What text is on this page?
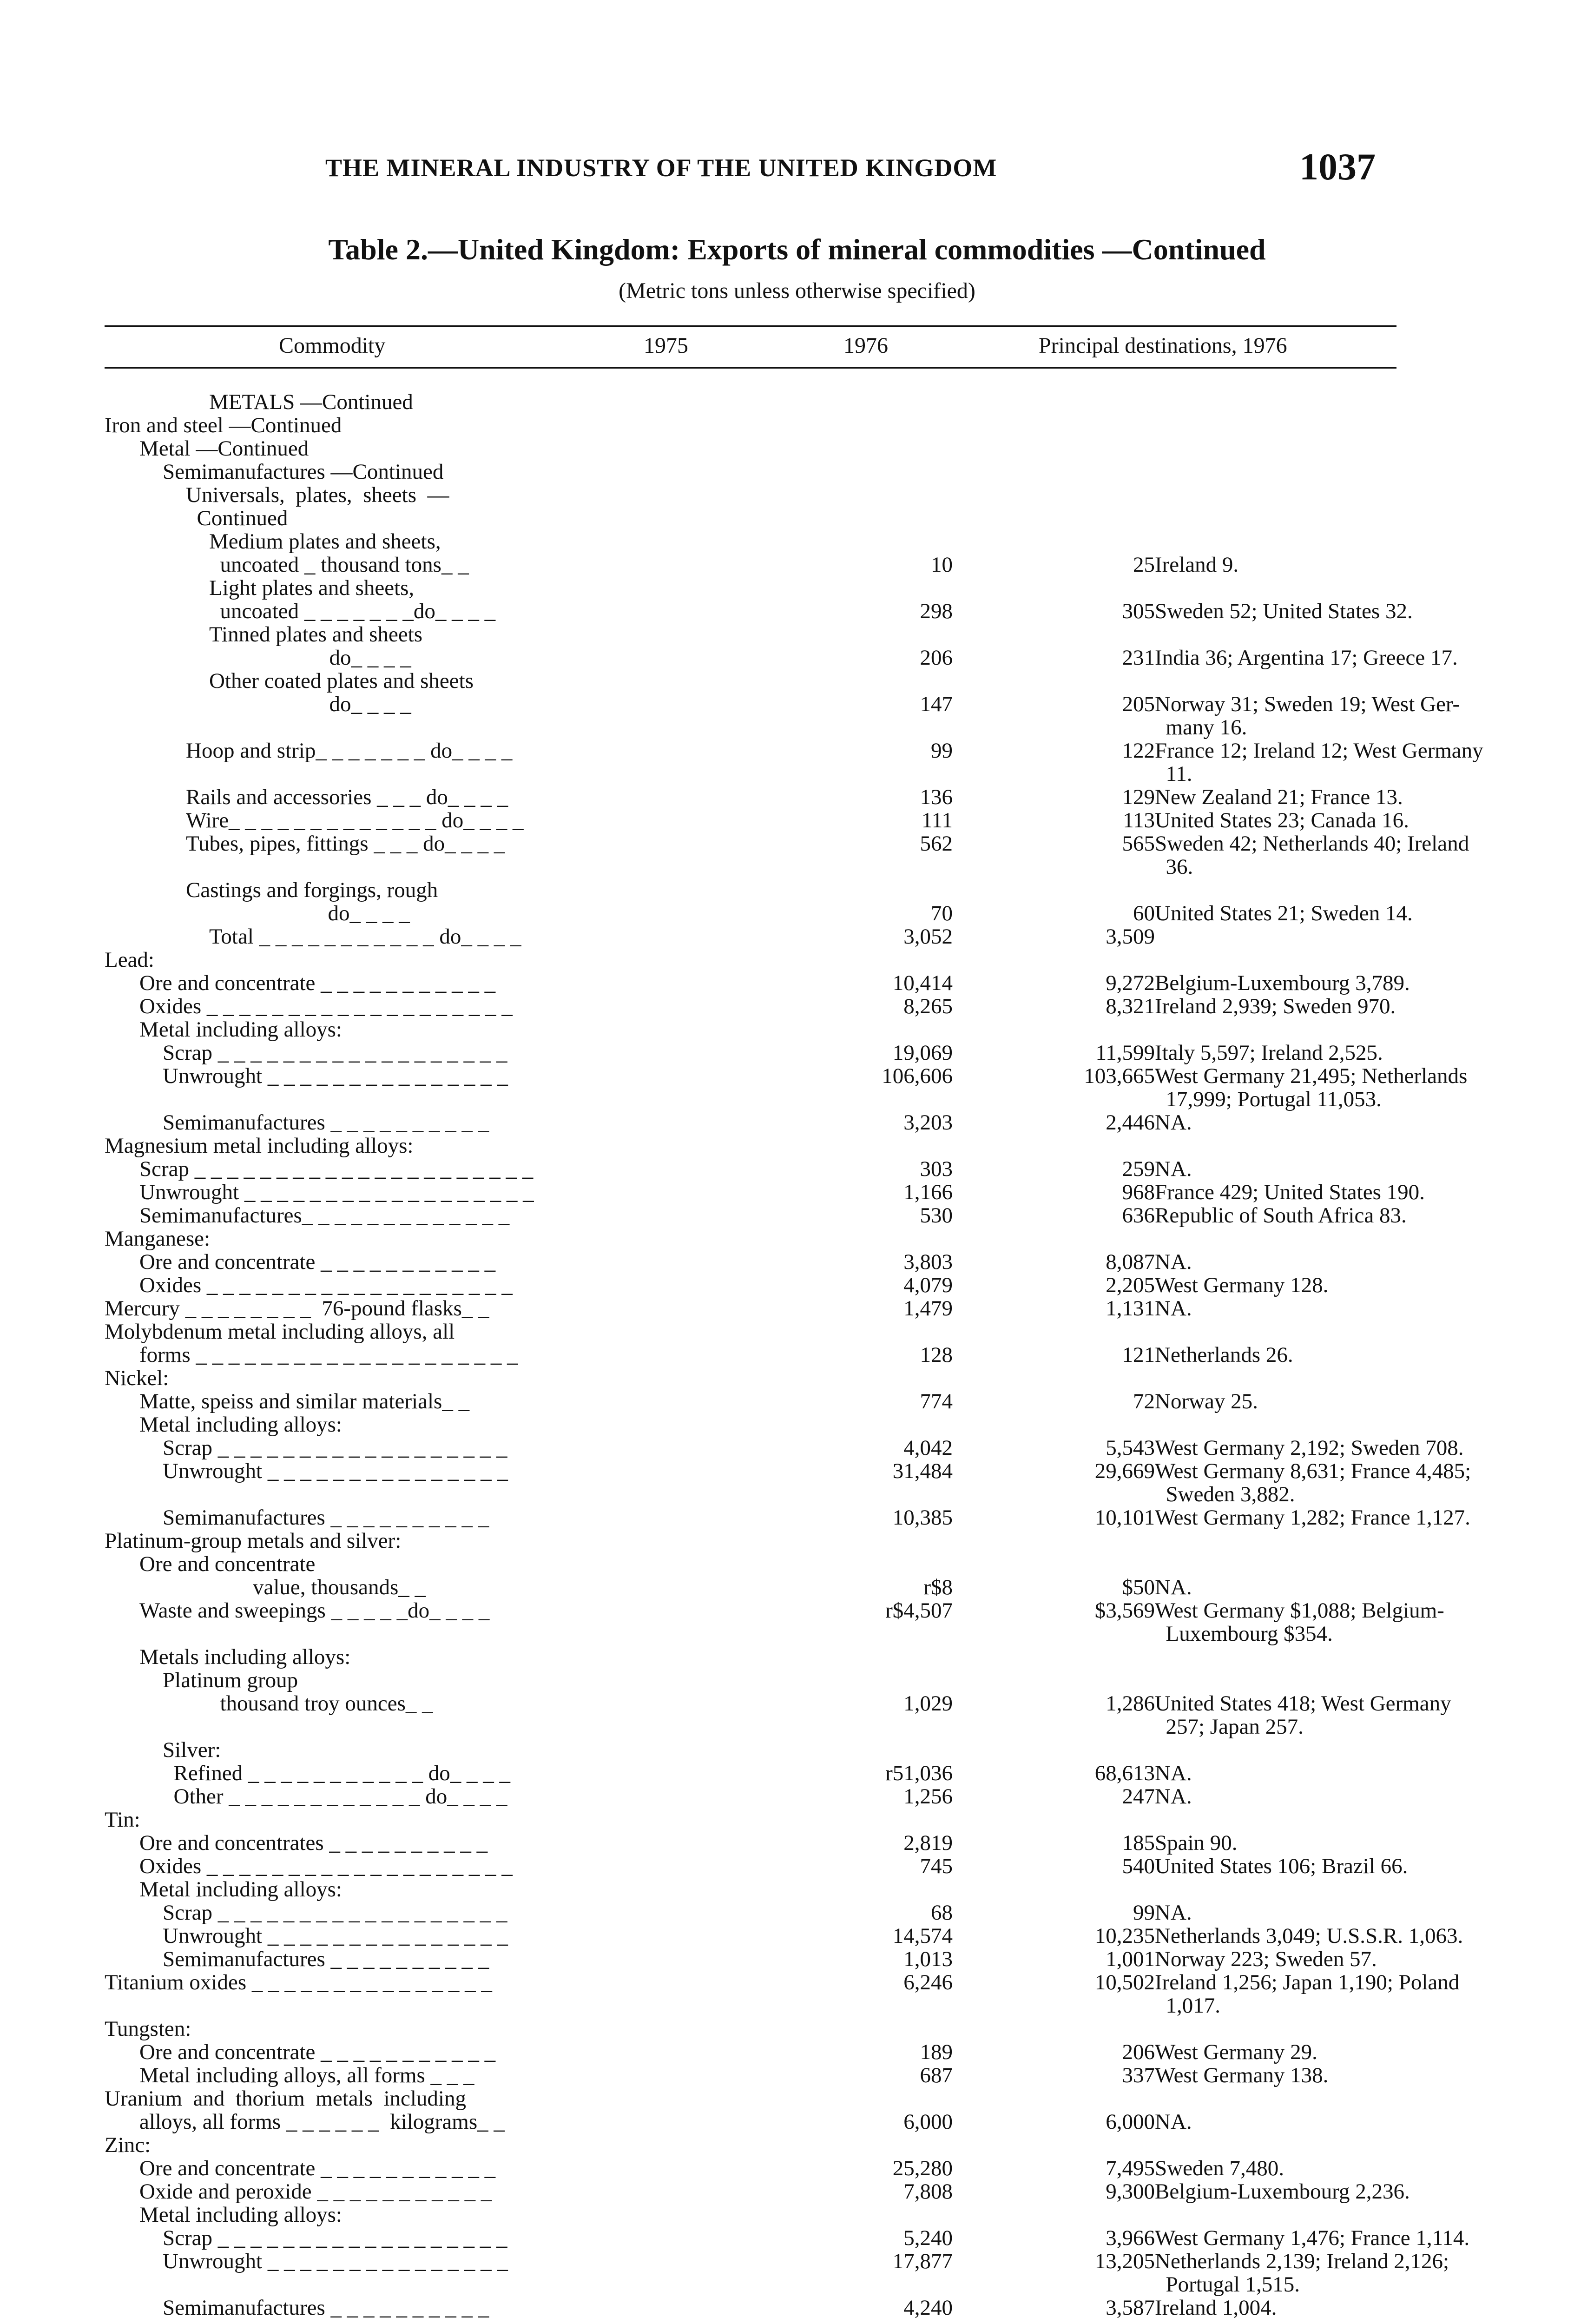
THE MINERAL INDUSTRY OF THE UNITED KINGDOM	1037
Table 2.—United Kingdom: Exports of mineral commodities —Continued
(Metric tons unless otherwise specified)
Commodity	1975	1976	Principal destinations, 1976
METALS —Continued			
Iron and steel —Continued			
Metal —Continued			
Semimanufactures —Continued			
Universals,  plates,  sheets  —			
Continued			

Medium plates and sheets,			
uncoated _ thousand tons_ _	10	25	Ireland 9.
Light plates and sheets,			
uncoated _ _ _ _ _ _ _do_ _ _ _	298	305	Sweden 52; United States 32.
Tinned plates and sheets			
do_ _ _ _	206	231	India 36; Argentina 17; Greece 17.
Other coated plates and sheets			
do_ _ _ _	147	205	Norway 31; Sweden 19; West Ger-
			many 16.
Hoop and strip_ _ _ _ _ _ _ do_ _ _ _	99	122	France 12; Ireland 12; West Germany
			11.
Rails and accessories _ _ _ do_ _ _ _	136	129	New Zealand 21; France 13.
Wire_ _ _ _ _ _ _ _ _ _ _ _ _ do_ _ _ _	111	113	United States 23; Canada 16.
Tubes, pipes, fittings _ _ _ do_ _ _ _	562	565	Sweden 42; Netherlands 40; Ireland
			36.
Castings and forgings, rough			
do_ _ _ _	70	60	United States 21; Sweden 14.

Total _ _ _ _ _ _ _ _ _ _ _ do_ _ _ _	3,052	3,509	
Lead:			
Ore and concentrate _ _ _ _ _ _ _ _ _ _ _	10,414	9,272	Belgium-Luxembourg 3,789.
Oxides _ _ _ _ _ _ _ _ _ _ _ _ _ _ _ _ _ _ _	8,265	8,321	Ireland 2,939; Sweden 970.
Metal including alloys:			
Scrap _ _ _ _ _ _ _ _ _ _ _ _ _ _ _ _ _ _	19,069	11,599	Italy 5,597; Ireland 2,525.
Unwrought _ _ _ _ _ _ _ _ _ _ _ _ _ _ _	106,606	103,665	West Germany 21,495; Netherlands
			17,999; Portugal 11,053.
Semimanufactures _ _ _ _ _ _ _ _ _ _	3,203	2,446	NA.
Magnesium metal including alloys:			
Scrap _ _ _ _ _ _ _ _ _ _ _ _ _ _ _ _ _ _ _ _ _	303	259	NA.
Unwrought _ _ _ _ _ _ _ _ _ _ _ _ _ _ _ _ _ _	1,166	968	France 429; United States 190.
Semimanufactures_ _ _ _ _ _ _ _ _ _ _ _ _	530	636	Republic of South Africa 83.
Manganese:			
Ore and concentrate _ _ _ _ _ _ _ _ _ _ _	3,803	8,087	NA.
Oxides _ _ _ _ _ _ _ _ _ _ _ _ _ _ _ _ _ _ _	4,079	2,205	West Germany 128.
Mercury _ _ _ _ _ _ _ _  76-pound flasks_ _	1,479	1,131	NA.
Molybdenum metal including alloys, all			
forms _ _ _ _ _ _ _ _ _ _ _ _ _ _ _ _ _ _ _ _	128	121	Netherlands 26.
Nickel:			
Matte, speiss and similar materials_ _	774	72	Norway 25.
Metal including alloys:			
Scrap _ _ _ _ _ _ _ _ _ _ _ _ _ _ _ _ _ _	4,042	5,543	West Germany 2,192; Sweden 708.
Unwrought _ _ _ _ _ _ _ _ _ _ _ _ _ _ _	31,484	29,669	West Germany 8,631; France 4,485;
			Sweden 3,882.
Semimanufactures _ _ _ _ _ _ _ _ _ _	10,385	10,101	West Germany 1,282; France 1,127.
Platinum-group metals and silver:			
Ore and concentrate			
value, thousands_ _	r$8	$50	NA.
Waste and sweepings _ _ _ _ _do_ _ _ _	r$4,507	$3,569	West Germany $1,088; Belgium-
			Luxembourg $354.
Metals including alloys:			
Platinum group			
thousand troy ounces_ _	1,029	1,286	United States 418; West Germany
			257; Japan 257.
Silver:			
Refined _ _ _ _ _ _ _ _ _ _ _ do_ _ _ _	r51,036	68,613	NA.
Other _ _ _ _ _ _ _ _ _ _ _ _ do_ _ _ _	1,256	247	NA.
Tin:			
Ore and concentrates _ _ _ _ _ _ _ _ _ _	2,819	185	Spain 90.
Oxides _ _ _ _ _ _ _ _ _ _ _ _ _ _ _ _ _ _ _	745	540	United States 106; Brazil 66.
Metal including alloys:			
Scrap _ _ _ _ _ _ _ _ _ _ _ _ _ _ _ _ _ _	68	99	NA.
Unwrought _ _ _ _ _ _ _ _ _ _ _ _ _ _ _	14,574	10,235	Netherlands 3,049; U.S.S.R. 1,063.
Semimanufactures _ _ _ _ _ _ _ _ _ _	1,013	1,001	Norway 223; Sweden 57.
Titanium oxides _ _ _ _ _ _ _ _ _ _ _ _ _ _ _	6,246	10,502	Ireland 1,256; Japan 1,190; Poland
			1,017.
Tungsten:			
Ore and concentrate _ _ _ _ _ _ _ _ _ _ _	189	206	West Germany 29.
Metal including alloys, all forms _ _ _	687	337	West Germany 138.
Uranium  and  thorium  metals  including			
alloys, all forms _ _ _ _ _ _  kilograms_ _	6,000	6,000	NA.
Zinc:			
Ore and concentrate _ _ _ _ _ _ _ _ _ _ _	25,280	7,495	Sweden 7,480.
Oxide and peroxide _ _ _ _ _ _ _ _ _ _ _	7,808	9,300	Belgium-Luxembourg 2,236.
Metal including alloys:			
Scrap _ _ _ _ _ _ _ _ _ _ _ _ _ _ _ _ _ _	5,240	3,966	West Germany 1,476; France 1,114.
Unwrought _ _ _ _ _ _ _ _ _ _ _ _ _ _ _	17,877	13,205	Netherlands 2,139; Ireland 2,126;
			Portugal 1,515.
Semimanufactures _ _ _ _ _ _ _ _ _ _	4,240	3,587	Ireland 1,004.
